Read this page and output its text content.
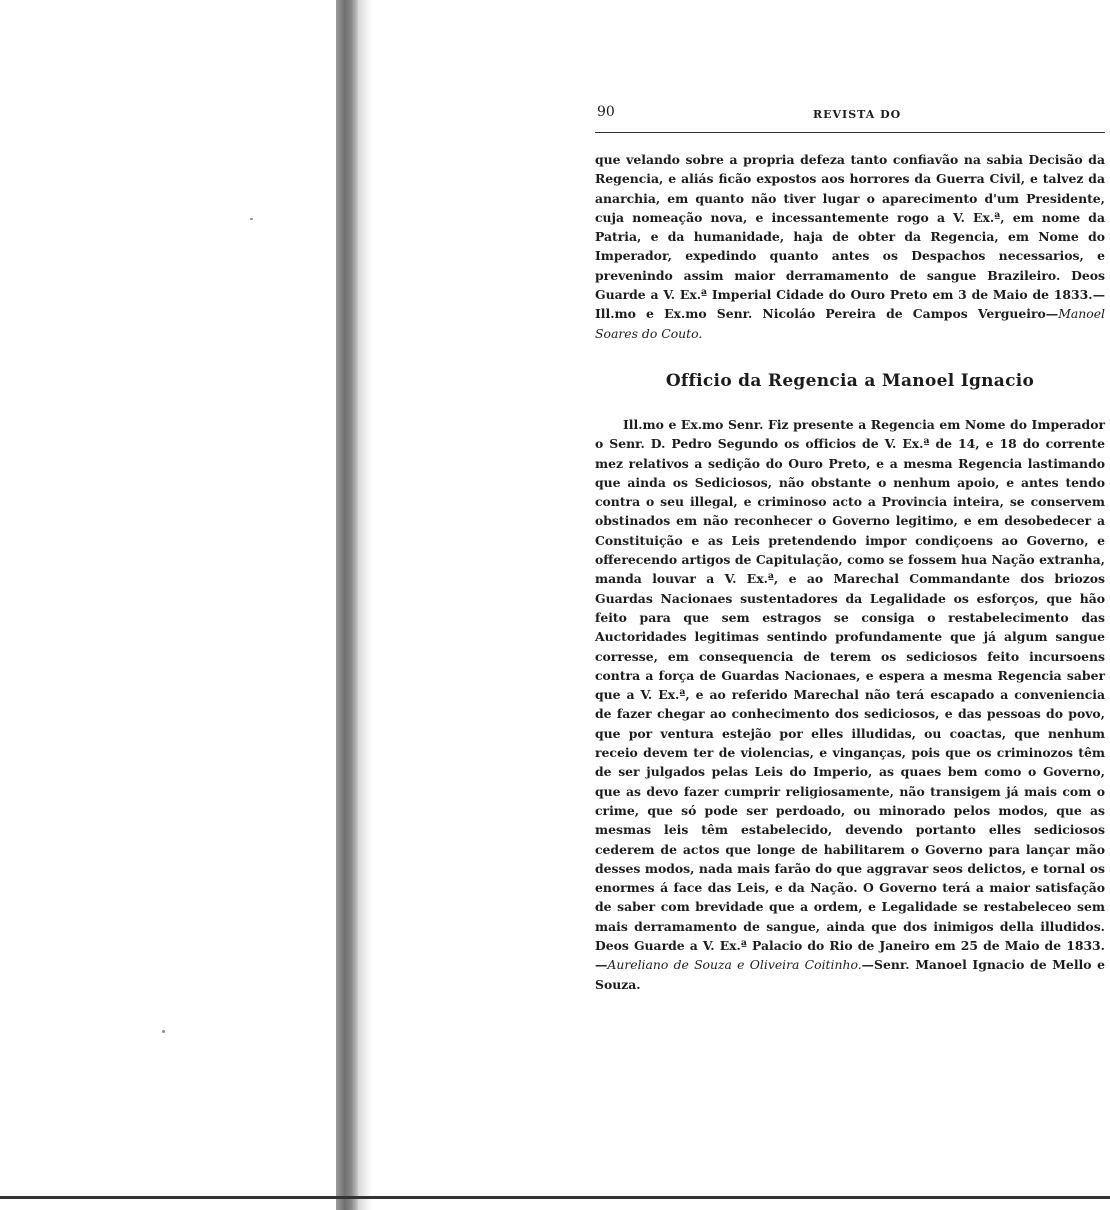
90	REVISTA DO

que velando sobre a propria defeza tanto confiavão na sabia Decisão da Regencia, e aliás ficão expostos aos horrores da Guerra Civil, e talvez da anarchia, em quanto não tiver lugar o aparecimento d'um Presidente, cuja nomeação nova, e incessantemente rogo a V. Ex.ª, em nome da Patria, e da humanidade, haja de obter da Regencia, em Nome do Imperador, expedindo quanto antes os Despachos necessarios, e prevenindo assim maior derramamento de sangue Brazileiro. Deos Guarde a V. Ex.ª Imperial Cidade do Ouro Preto em 3 de Maio de 1833.—Ill.mo e Ex.mo Senr. Nicoláo Pereira de Campos Vergueiro—Manoel Soares do Couto.

Officio da Regencia a Manoel Ignacio

Ill.mo e Ex.mo Senr. Fiz presente a Regencia em Nome do Imperador o Senr. D. Pedro Segundo os officios de V. Ex.ª de 14, e 18 do corrente mez relativos a sedição do Ouro Preto, e a mesma Regencia lastimando que ainda os Sediciosos, não obstante o nenhum apoio, e antes tendo contra o seu illegal, e criminoso acto a Provincia inteira, se conservem obstinados em não reconhecer o Governo legitimo, e em desobedecer a Constituição e as Leis pretendendo impor condiçoens ao Governo, e offerecendo artigos de Capitulação, como se fossem hua Nação extranha, manda louvar a V. Ex.ª, e ao Marechal Commandante dos briozos Guardas Nacionaes sustentadores da Legalidade os esforços, que hão feito para que sem estragos se consiga o restabelecimento das Auctoridades legitimas sentindo profundamente que já algum sangue corresse, em consequencia de terem os sediciosos feito incursoens contra a força de Guardas Nacionaes, e espera a mesma Regencia saber que a V. Ex.ª, e ao referido Marechal não terá escapado a conveniencia de fazer chegar ao conhecimento dos sediciosos, e das pessoas do povo, que por ventura estejão por elles illudidas, ou coactas, que nenhum receio devem ter de violencias, e vinganças, pois que os criminozos têm de ser julgados pelas Leis do Imperio, as quaes bem como o Governo, que as devo fazer cumprir religiosamente, não transigem já mais com o crime, que só pode ser perdoado, ou minorado pelos modos, que as mesmas leis têm estabelecido, devendo portanto elles sediciosos cederem de actos que longe de habilitarem o Governo para lançar mão desses modos, nada mais farão do que aggravar seos delictos, e tornal os enormes á face das Leis, e da Nação. O Governo terá a maior satisfação de saber com brevidade que a ordem, e Legalidade se restabeleceo sem mais derramamento de sangue, ainda que dos inimigos della illudidos. Deos Guarde a V. Ex.ª Palacio do Rio de Janeiro em 25 de Maio de 1833.—Aureliano de Souza e Oliveira Coitinho.—Senr. Manoel Ignacio de Mello e Souza.
